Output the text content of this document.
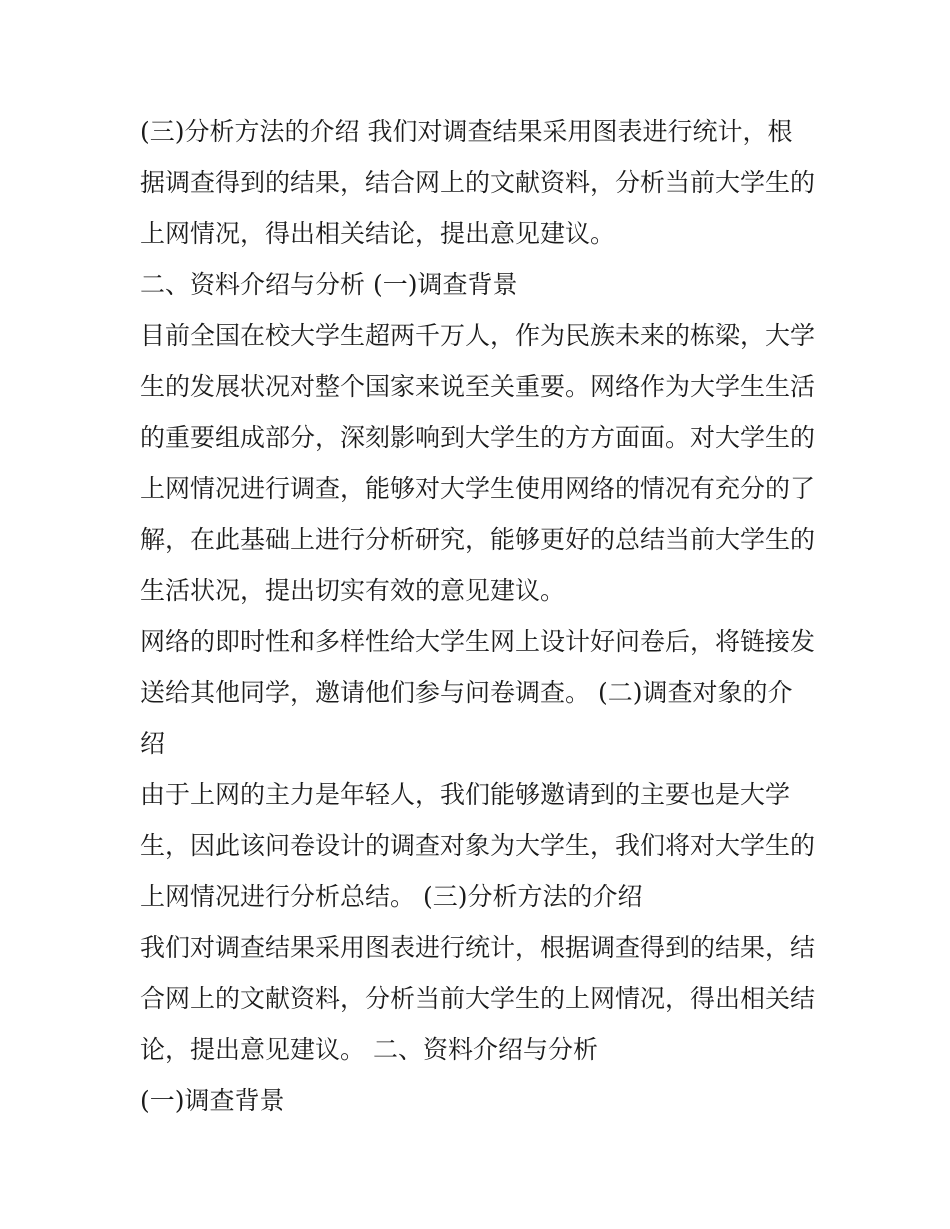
(三)分析方法的介绍 我们对调查结果采用图表进行统计，根
据调查得到的结果，结合网上的文献资料，分析当前大学生的
上网情况，得出相关结论，提出意见建议。
二、资料介绍与分析 (一)调查背景
目前全国在校大学生超两千万人，作为民族未来的栋梁，大学
生的发展状况对整个国家来说至关重要。网络作为大学生生活
的重要组成部分，深刻影响到大学生的方方面面。对大学生的
上网情况进行调查，能够对大学生使用网络的情况有充分的了
解，在此基础上进行分析研究，能够更好的总结当前大学生的
生活状况，提出切实有效的意见建议。
网络的即时性和多样性给大学生网上设计好问卷后，将链接发
送给其他同学，邀请他们参与问卷调查。 (二)调查对象的介
绍
由于上网的主力是年轻人，我们能够邀请到的主要也是大学
生，因此该问卷设计的调查对象为大学生，我们将对大学生的
上网情况进行分析总结。 (三)分析方法的介绍
我们对调查结果采用图表进行统计，根据调查得到的结果，结
合网上的文献资料，分析当前大学生的上网情况，得出相关结
论，提出意见建议。 二、资料介绍与分析
(一)调查背景
